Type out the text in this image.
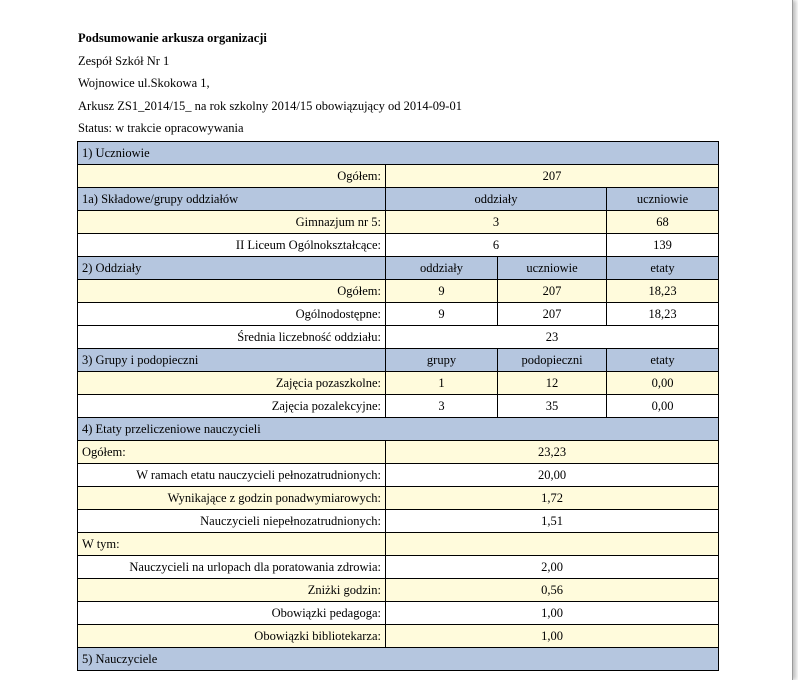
Podsumowanie arkusza organizacji
Zespół Szkół Nr 1
Wojnowice ul.Skokowa 1,
Arkusz ZS1_2014/15_ na rok szkolny 2014/15 obowiązujący od 2014-09-01
Status: w trakcie opracowywania
1) Uczniowie			
Ogółem:	207		
1a) Składowe/grupy oddziałów	oddziały		uczniowie
Gimnazjum nr 5:	3		68
II Liceum Ogólnokształcące:	6		139
2) Oddziały	oddziały	uczniowie	etaty
Ogółem:	9	207	18,23
Ogólnodostępne:	9	207	18,23
Średnia liczebność oddziału:	23		
3) Grupy i podopieczni	grupy	podopieczni	etaty
Zajęcia pozaszkolne:	1	12	0,00
Zajęcia pozalekcyjne:	3	35	0,00
4) Etaty przeliczeniowe nauczycieli			
Ogółem:	23,23		
W ramach etatu nauczycieli pełnozatrudnionych:	20,00		
Wynikające z godzin ponadwymiarowych:	1,72		
Nauczycieli niepełnozatrudnionych:	1,51		
W tym:			
Nauczycieli na urlopach dla poratowania zdrowia:	2,00		
Zniżki godzin:	0,56		
Obowiązki pedagoga:	1,00		
Obowiązki bibliotekarza:	1,00		
5) Nauczyciele			
